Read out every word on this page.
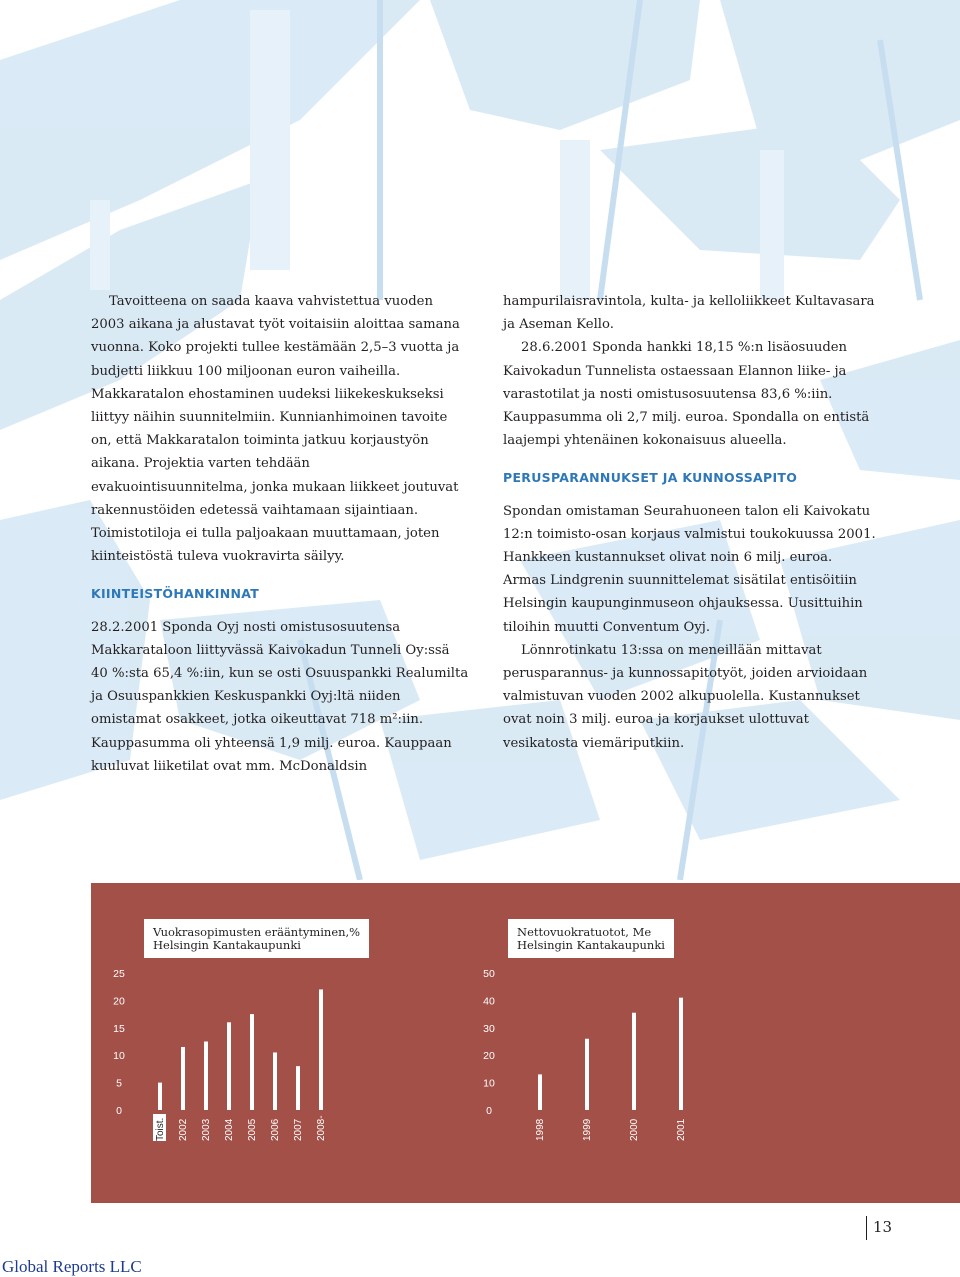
Tavoitteena on saada kaava vahvistettua vuoden 2003 aikana ja alustavat työt voitaisiin aloittaa samana vuonna. Koko projekti tullee kestämään 2,5–3 vuotta ja budjetti liikkuu 100 miljoonan euron vaiheilla. Makkaratalon ehostaminen uudeksi liikekeskukseksi liittyy näihin suunnitelmiin. Kunnianhimoinen tavoite on, että Makkaratalon toiminta jatkuu korjaustyön aikana. Projektia varten tehdään evakuointisuunnitelma, jonka mukaan liikkeet joutuvat rakennustöiden edetessä vaihtamaan sijaintiaan. Toimistotiloja ei tulla paljoakaan muuttamaan, joten kiinteistöstä tuleva vuokravirta säilyy.

KIINTEISTÖHANKINNAT

28.2.2001 Sponda Oyj nosti omistusosuutensa Makkarataloon liittyvässä Kaivokadun Tunneli Oy:ssä 40 %:sta 65,4 %:iin, kun se osti Osuuspankki Realumilta ja Osuuspankkien Keskuspankki Oyj:ltä niiden omistamat osakkeet, jotka oikeuttavat 718 m²:iin. Kauppasumma oli yhteensä 1,9 milj. euroa. Kauppaan kuuluvat liiketilat ovat mm. McDonaldsin

hampurilaisravintola, kulta- ja kelloliikkeet Kultavasara ja Aseman Kello.

28.6.2001 Sponda hankki 18,15 %:n lisäosuuden Kaivokadun Tunnelista ostaessaan Elannon liike- ja varastotilat ja nosti omistusosuutensa 83,6 %:iin. Kauppasumma oli 2,7 milj. euroa. Spondalla on entistä laajempi yhtenäinen kokonaisuus alueella.

PERUSPARANNUKSET JA KUNNOSSAPITO

Spondan omistaman Seurahuoneen talon eli Kaivokatu 12:n toimisto-osan korjaus valmistui toukokuussa 2001. Hankkeen kustannukset olivat noin 6 milj. euroa. Armas Lindgrenin suunnittelemat sisätilat entisöitiin Helsingin kaupunginmuseon ohjauksessa. Uusittuihin tiloihin muutti Conventum Oyj.

Lönnrotinkatu 13:ssa on meneillään mittavat perusparannus- ja kunnossapitotyöt, joiden arvioidaan valmistuvan vuoden 2002 alkupuolella. Kustannukset ovat noin 3 milj. euroa ja korjaukset ulottuvat vesikatosta viemäriputkiin.

0
5
10
15
20
25
Toist. 2002 2003 2004 2005 2006 2007 2008-
Vuokrasopimusten erääntyminen,%
Helsingin Kantakaupunki
0
10
20
30
40
50
1998	1999	2000	2001
Nettovuokratuotot, Me
Helsingin Kantakaupunki
13
Global Reports LLC
